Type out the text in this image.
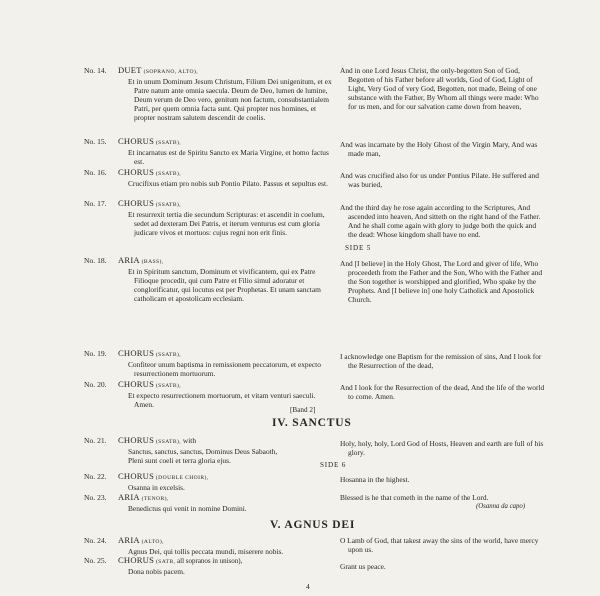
No. 14. DUET (SOPRANO, ALTO),
Et in unum Dominum Jesum Christum, Filium Dei unigenitum, et ex Patre natum ante omnia saecula. Deum de Deo, lumen de lumine, Deum verum de Deo vero, genitum non factum, consubstantialem Patri, per quem omnia facta sunt. Qui propter nos homines, et propter nostram salutem descendit de coelis.
And in one Lord Jesus Christ, the only-begotten Son of God, Begotten of his Father before all worlds, God of God, Light of Light, Very God of very God, Begotten, not made, Being of one substance with the Father, By Whom all things were made: Who for us men, and for our salvation came down from heaven,
No. 15. CHORUS (SSATB),
Et incarnatus est de Spiritu Sancto ex Maria Virgine, et homo factus est.
And was incarnate by the Holy Ghost of the Virgin Mary, And was made man,
No. 16. CHORUS (SSATB),
Crucifixus etiam pro nobis sub Pontio Pilato. Passus et sepultus est.
And was crucified also for us under Pontius Pilate. He suffered and was buried,
No. 17. CHORUS (SSATB),
Et resurrexit tertia die secundum Scripturas: et ascendit in coelum, sedet ad dexteram Dei Patris, et iterum venturus est cum gloria judicare vivos et mortuos: cujus regni non erit finis.
And the third day he rose again according to the Scriptures, And ascended into heaven, And sitteth on the right hand of the Father. And he shall come again with glory to judge both the quick and the dead: Whose kingdom shall have no end.
SIDE 5
No. 18. ARIA (BASS),
Et in Spiritum sanctum, Dominum et vivificantem, qui ex Patre Filioque procedit, qui cum Patre et Filio simul adoratur et conglorificatur, qui locutus est per Prophetas. Et unam sanctam catholicam et apostolicam ecclesiam.
And [I believe] in the Holy Ghost, The Lord and giver of life, Who proceedeth from the Father and the Son, Who with the Father and the Son together is worshipped and glorified, Who spake by the Prophets. And [I believe in] one holy Catholick and Apostolick Church.
No. 19. CHORUS (SSATB),
Confiteor unum baptisma in remissionem peccatorum, et expecto resurrectionem mortuorum.
I acknowledge one Baptism for the remission of sins, And I look for the Resurrection of the dead,
No. 20. CHORUS (SSATB),
Et expecto resurrectionem mortuorum, et vitam venturi saeculi. Amen.
And I look for the Resurrection of the dead, And the life of the world to come. Amen.
[Band 2]
IV. SANCTUS
No. 21. CHORUS (SSATB), with
Sanctus, sanctus, sanctus, Dominus Deus Sabaoth,
Pleni sunt coeli et terra gloria ejus.
Holy, holy, holy, Lord God of Hosts, Heaven and earth are full of his glory.
SIDE 6
No. 22. CHORUS (DOUBLE CHOIR),
Osanna in excelsis.
Hosanna in the highest.
No. 23. ARIA (TENOR),
Benedictus qui venit in nomine Domini.
Blessed is he that cometh in the name of the Lord.
(Osanna da capo)
V. AGNUS DEI
No. 24. ARIA (ALTO),
Agnus Dei, qui tollis peccata mundi, miserere nobis.
O Lamb of God, that takest away the sins of the world, have mercy upon us.
No. 25. CHORUS (SATB, all sopranos in unison),
Dona nobis pacem.
Grant us peace.
4
